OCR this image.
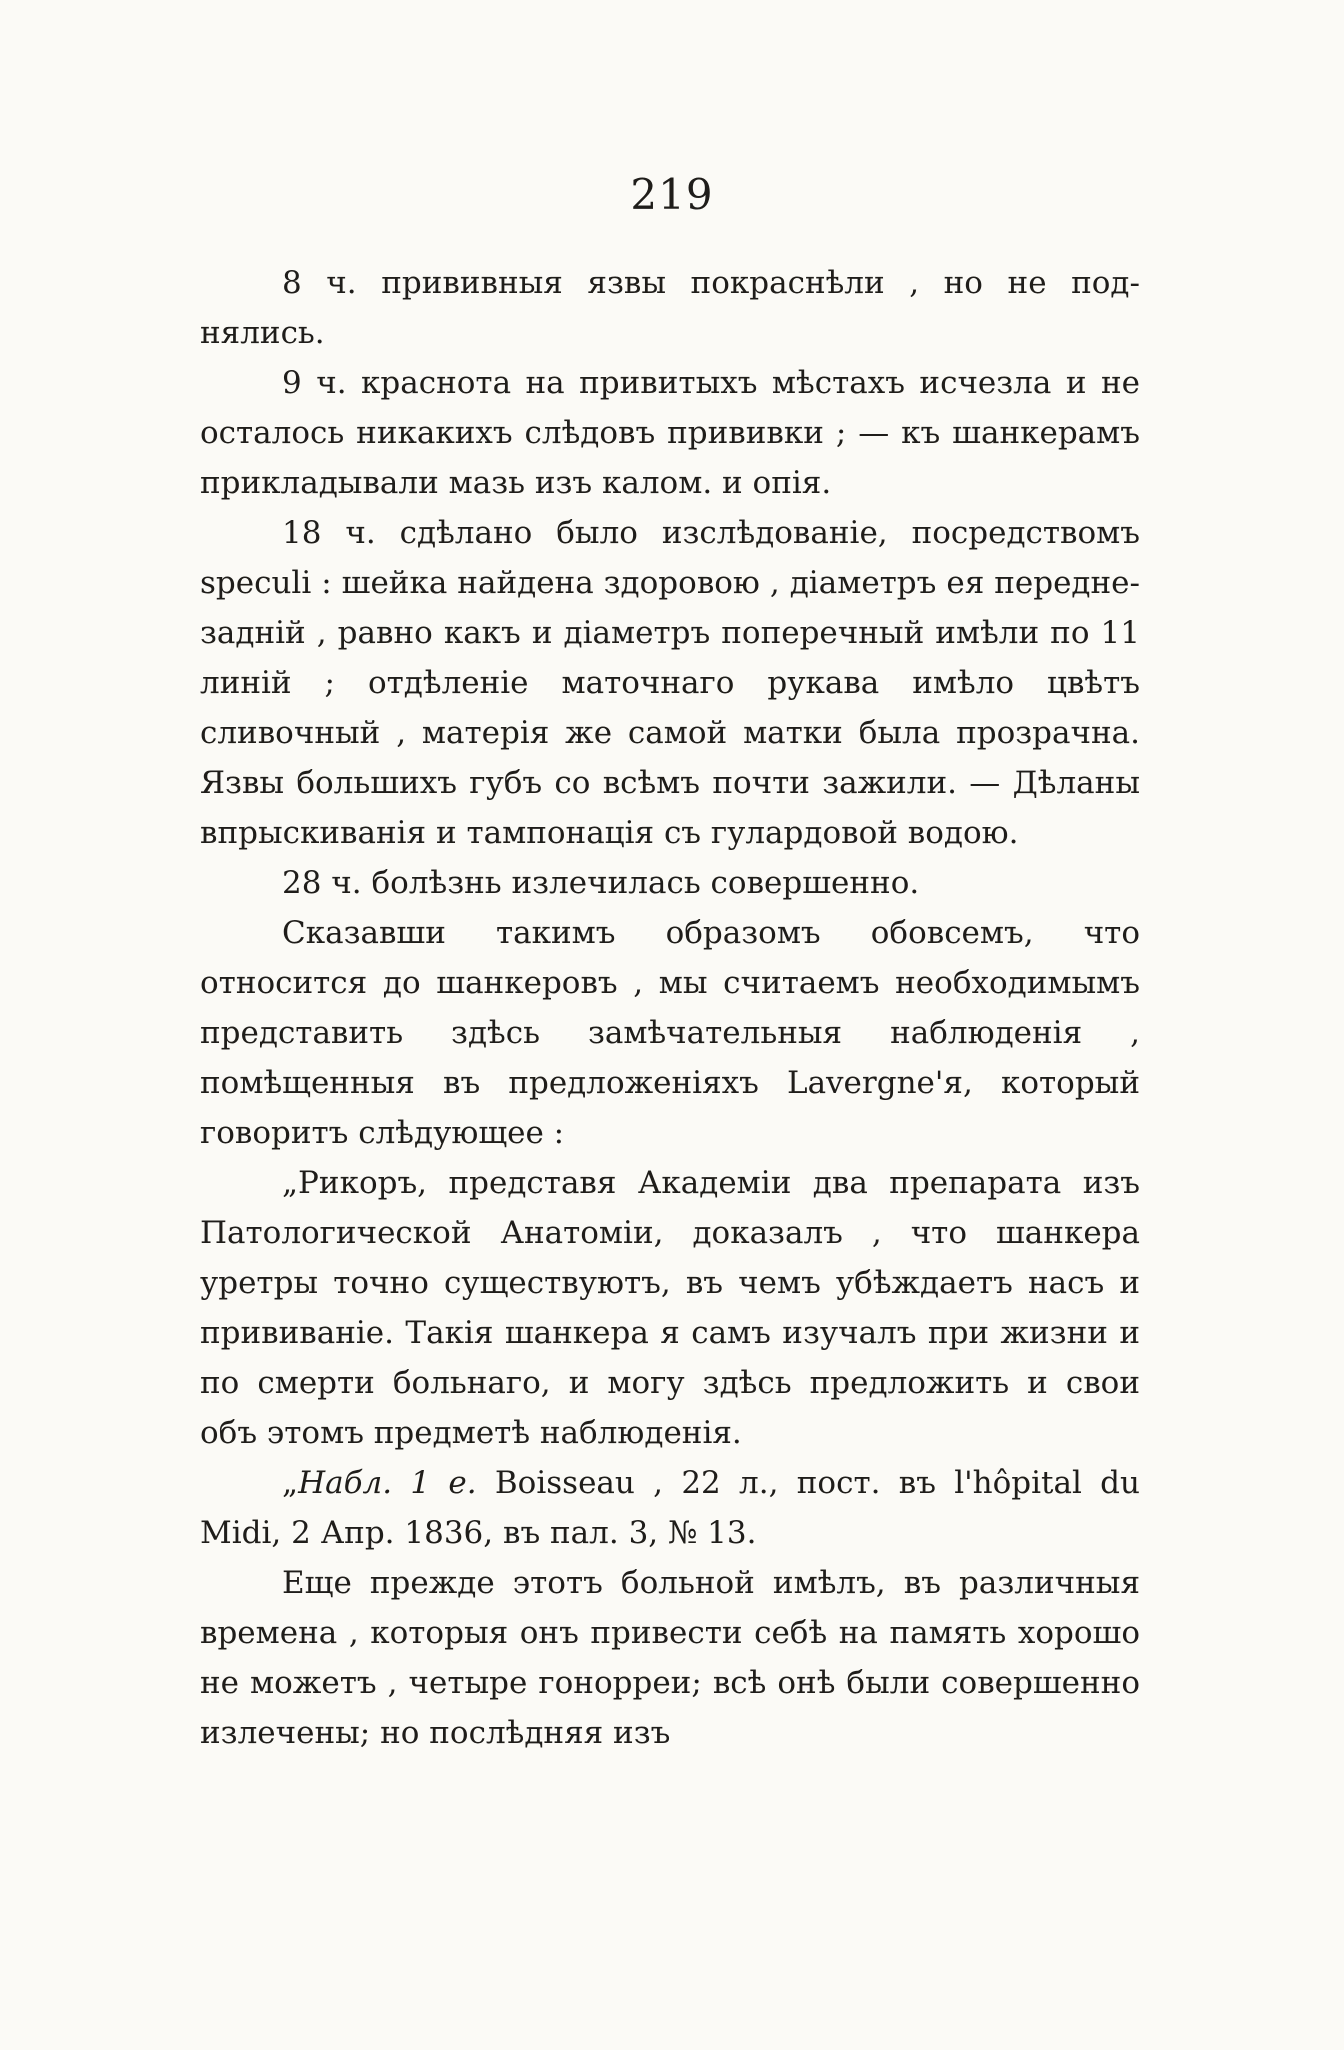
219

8 ч. прививныя язвы покраснѣли , но не под-нялись.

9 ч. краснота на привитыхъ мѣстахъ исчезла и не осталось никакихъ слѣдовъ прививки ; — къ шанкерамъ прикладывали мазь изъ калом. и опія.

18 ч. сдѣлано было изслѣдованіе, посредствомъ speculi : шейка найдена здоровою , діаметръ ея передне-задній , равно какъ и діаметръ поперечный имѣли по 11 линій ; отдѣленіе маточнаго рукава имѣло цвѣтъ сливочный , матерія же самой матки была прозрачна. Язвы большихъ губъ со всѣмъ почти зажили. — Дѣланы впрыскиванія и тампонація съ гулардовой водою.

28 ч. болѣзнь излечилась совершенно.

Сказавши такимъ образомъ обовсемъ, что относится до шанкеровъ , мы считаемъ необходимымъ представить здѣсь замѣчательныя наблюденія , помѣщенныя въ предложеніяхъ Lavergne'я, который говоритъ слѣдующее :

„Рикоръ, представя Академіи два препарата изъ Патологической Анатоміи, доказалъ , что шанкера уретры точно существуютъ, въ чемъ убѣждаетъ насъ и прививаніе. Такія шанкера я самъ изучалъ при жизни и по смерти больнаго, и могу здѣсь предложить и свои объ этомъ предметѣ наблюденія.

„Набл. 1 е. Boisseau , 22 л., пост. въ l'hôpital du Midi, 2 Апр. 1836, въ пал. 3, № 13.

Еще прежде этотъ больной имѣлъ, въ различныя времена , которыя онъ привести себѣ на память хорошо не можетъ , четыре гонорреи; всѣ онѣ были совершенно излечены; но послѣдняя изъ
